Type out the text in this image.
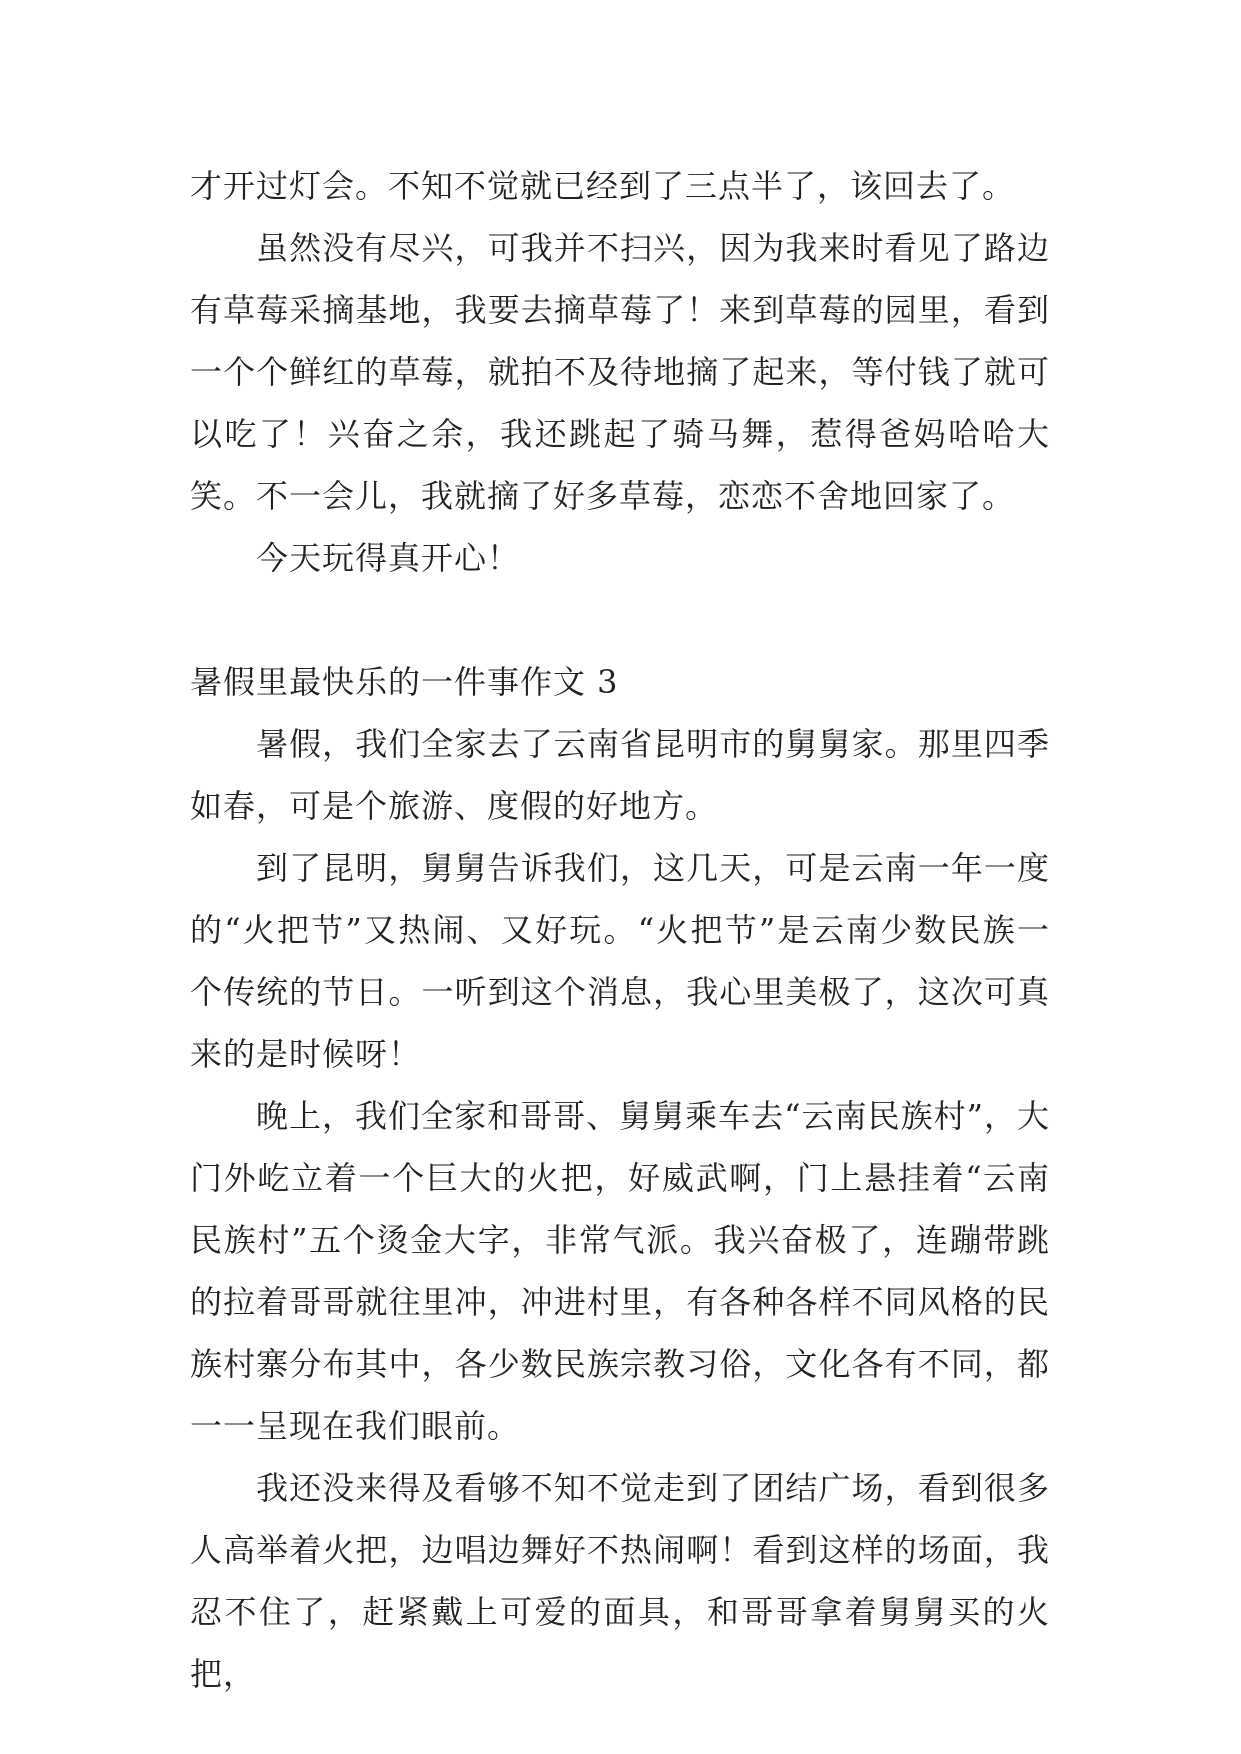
才开过灯会。不知不觉就已经到了三点半了，该回去了。

虽然没有尽兴，可我并不扫兴，因为我来时看见了路边有草莓采摘基地，我要去摘草莓了！来到草莓的园里，看到一个个鲜红的草莓，就拍不及待地摘了起来，等付钱了就可以吃了！兴奋之余，我还跳起了骑马舞，惹得爸妈哈哈大笑。不一会儿，我就摘了好多草莓，恋恋不舍地回家了。

今天玩得真开心！

暑假里最快乐的一件事作文 3

暑假，我们全家去了云南省昆明市的舅舅家。那里四季如春，可是个旅游、度假的好地方。

到了昆明，舅舅告诉我们，这几天，可是云南一年一度的“火把节”又热闹、又好玩。“火把节”是云南少数民族一个传统的节日。一听到这个消息，我心里美极了，这次可真来的是时候呀！

晚上，我们全家和哥哥、舅舅乘车去“云南民族村”，大门外屹立着一个巨大的火把，好威武啊，门上悬挂着“云南民族村”五个烫金大字，非常气派。我兴奋极了，连蹦带跳的拉着哥哥就往里冲，冲进村里，有各种各样不同风格的民族村寨分布其中，各少数民族宗教习俗，文化各有不同，都一一呈现在我们眼前。

我还没来得及看够不知不觉走到了团结广场，看到很多人高举着火把，边唱边舞好不热闹啊！看到这样的场面，我忍不住了，赶紧戴上可爱的面具，和哥哥拿着舅舅买的火把，
